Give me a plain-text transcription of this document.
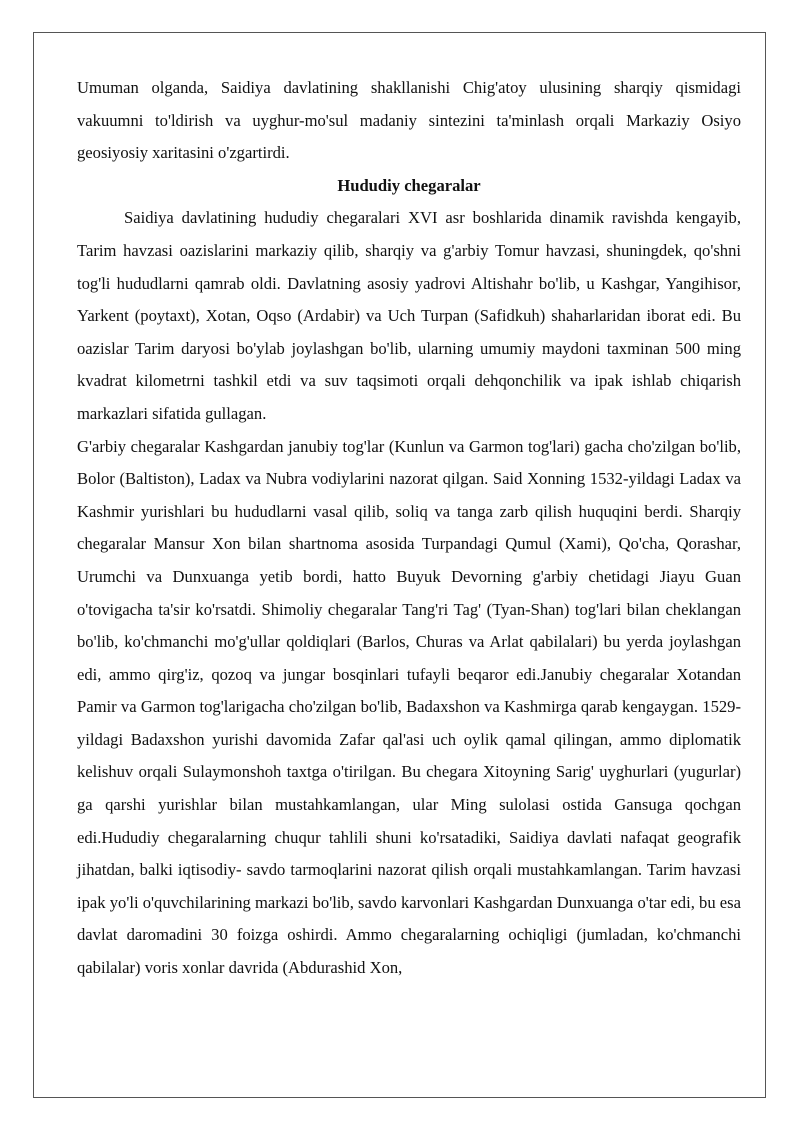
Umuman olganda, Saidiya davlatining shakllanishi Chig'atoy ulusining sharqiy qismidagi vakuumni to'ldirish va uyghur-mo'sul madaniy sintezini ta'minlash orqali Markaziy Osiyo geosiyosiy xaritasini o'zgartirdi.

Hududiy chegaralar

Saidiya davlatining hududiy chegaralari XVI asr boshlarida dinamik ravishda kengayib, Tarim havzasi oazislarini markaziy qilib, sharqiy va g'arbiy Tomur havzasi, shuningdek, qo'shni tog'li hududlarni qamrab oldi. Davlatning asosiy yadrovi Altishahr bo'lib, u Kashgar, Yangihisor, Yarkent (poytaxt), Xotan, Oqso (Ardabir) va Uch Turpan (Safidkuh) shaharlaridan iborat edi. Bu oazislar Tarim daryosi bo'ylab joylashgan bo'lib, ularning umumiy maydoni taxminan 500 ming kvadrat kilometrni tashkil etdi va suv taqsimoti orqali dehqonchilik va ipak ishlab chiqarish markazlari sifatida gullagan.

G'arbiy chegaralar Kashgardan janubiy tog'lar (Kunlun va Garmon tog'lari) gacha cho'zilgan bo'lib, Bolor (Baltiston), Ladax va Nubra vodiylarini nazorat qilgan. Said Xonning 1532-yildagi Ladax va Kashmir yurishlari bu hududlarni vasal qilib, soliq va tanga zarb qilish huquqini berdi. Sharqiy chegaralar Mansur Xon bilan shartnoma asosida Turpandagi Qumul (Xami), Qo'cha, Qorashar, Urumchi va Dunxuanga yetib bordi, hatto Buyuk Devorning g'arbiy chetidagi Jiayu Guan o'tovigacha ta'sir ko'rsatdi. Shimoliy chegaralar Tang'ri Tag' (Tyan-Shan) tog'lari bilan cheklangan bo'lib, ko'chmanchi mo'g'ullar qoldiqlari (Barlos, Churas va Arlat qabilalari) bu yerda joylashgan edi, ammo qirg'iz, qozoq va jungar bosqinlari tufayli beqaror edi.Janubiy chegaralar Xotandan Pamir va Garmon tog'larigacha cho'zilgan bo'lib, Badaxshon va Kashmirga qarab kengaygan. 1529-yildagi Badaxshon yurishi davomida Zafar qal'asi uch oylik qamal qilingan, ammo diplomatik kelishuv orqali Sulaymonshoh taxtga o'tirilgan. Bu chegara Xitoyning Sarig' uyghurlari (yugurlar) ga qarshi yurishlar bilan mustahkamlangan, ular Ming sulolasi ostida Gansuga qochgan edi.Hududiy chegaralarning chuqur tahlili shuni ko'rsatadiki, Saidiya davlati nafaqat geografik jihatdan, balki iqtisodiy- savdo tarmoqlarini nazorat qilish orqali mustahkamlangan. Tarim havzasi ipak yo'li o'quvchilarining markazi bo'lib, savdo karvonlari Kashgardan Dunxuanga o'tar edi, bu esa davlat daromadini 30 foizga oshirdi. Ammo chegaralarning ochiqligi (jumladan, ko'chmanchi qabilalar) voris xonlar davrida (Abdurashid Xon,
